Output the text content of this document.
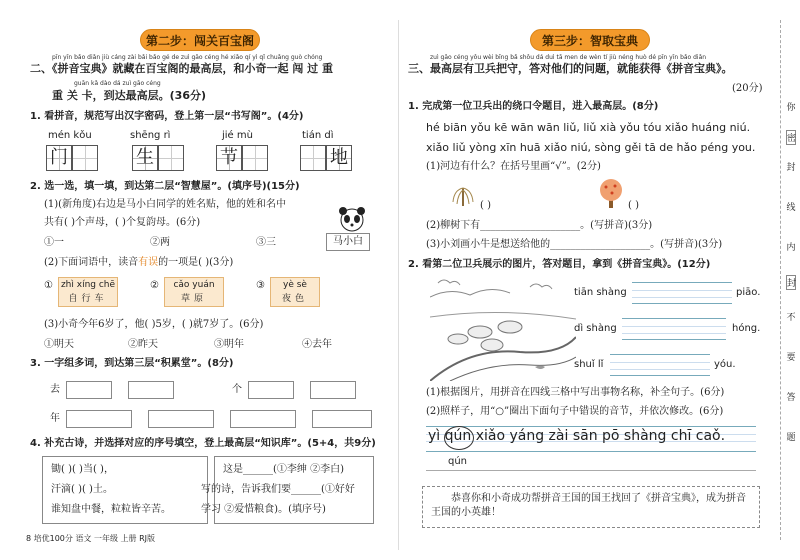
第二步：闯关百宝阁
pīn yīn bǎo diǎn jiù cáng zài bǎi bǎo gé de zuì gāo céng hé xiǎo qí yì qǐ chuǎng guò chóng
二、《拼音宝典》就藏在百宝阁的最高层，和小奇一起 闯 过 重
guān kǎ dào dá zuì gāo céng
重 关 卡，到达最高层。(36分)
1. 看拼音，规范写出汉字密码，登上第一层“书写阁”。(4分)
mén kǒu	shēng rì	jié mù	tián dì
门	生	节	地
2. 选一选，填一填，到达第二层“智慧屋”。(填序号)(15分)
(1)(新角度)右边是马小白同学的姓名贴，他的姓和名中
共有( )个声母，( )个复韵母。(6分)
①一	②两	③三	马小白
(2)下面词语中，读音有误的一项是( )(3分)
① zhì xíng chē
自行车
②	cǎo yuán
草原
③	yè sè
夜色
(3)小奇今年6岁了，他( )5岁，( )就7岁了。(6分)
①明天	②昨天	③明年	④去年
3. 一字组多词，到达第三层“积累堂”。(8分)
去	个
年
4. 补充古诗，并选择对应的序号填空，登上最高层“知识库”。(5+4，共9分)
锄( )( )当( )，
汗滴( )( )土。
谁知盘中餐，粒粒皆辛苦。
这是______(①李绅 ②李白)
写的诗，告诉我们要______(①好好
学习 ②爱惜粮食)。(填序号)
8 培优100分 语文 一年级 上册 RJ版
第三步：智取宝典
zuì gāo céng yǒu wèi bīng bǎ shǒu dá duì tā men de wèn tí jiù néng huò dé pīn yīn bǎo diǎn
三、最高层有卫兵把守，答对他们的问题，就能获得《拼音宝典》。
(20分)
1. 完成第一位卫兵出的绕口令题目，进入最高层。(8分)
hé biān yǒu kē wān wān liǔ, liǔ xià yǒu tóu xiǎo huáng niú.
xiǎo liǔ yòng xīn huā xiǎo niú, sòng gěi tā de hǎo péng you.
(1)河边有什么？在括号里画“√”。(2分)
( )	( )
(2)柳树下有____________________。(写拼音)(3分)
(3)小刘画小牛是想送给他的____________________。(写拼音)(3分)
2. 看第二位卫兵展示的图片，答对题目，拿到《拼音宝典》。(12分)
tiān shàng	piāo.
dì shàng	hóng.
shuǐ lǐ	yóu.
(1)根据图片，用拼音在四线三格中写出事物名称，补全句子。(6分)
(2)照样子，用“○”圈出下面句子中错误的音节，并依次修改。(6分)
yì qún xiǎo yáng zài sān pō shàng chī caǒ.
qún
恭喜你和小奇成功帮拼音王国的国王找回了《拼音宝典》，成为拼音王国的小英雄！
你
密
封
线
内
封
不
要
答
题
